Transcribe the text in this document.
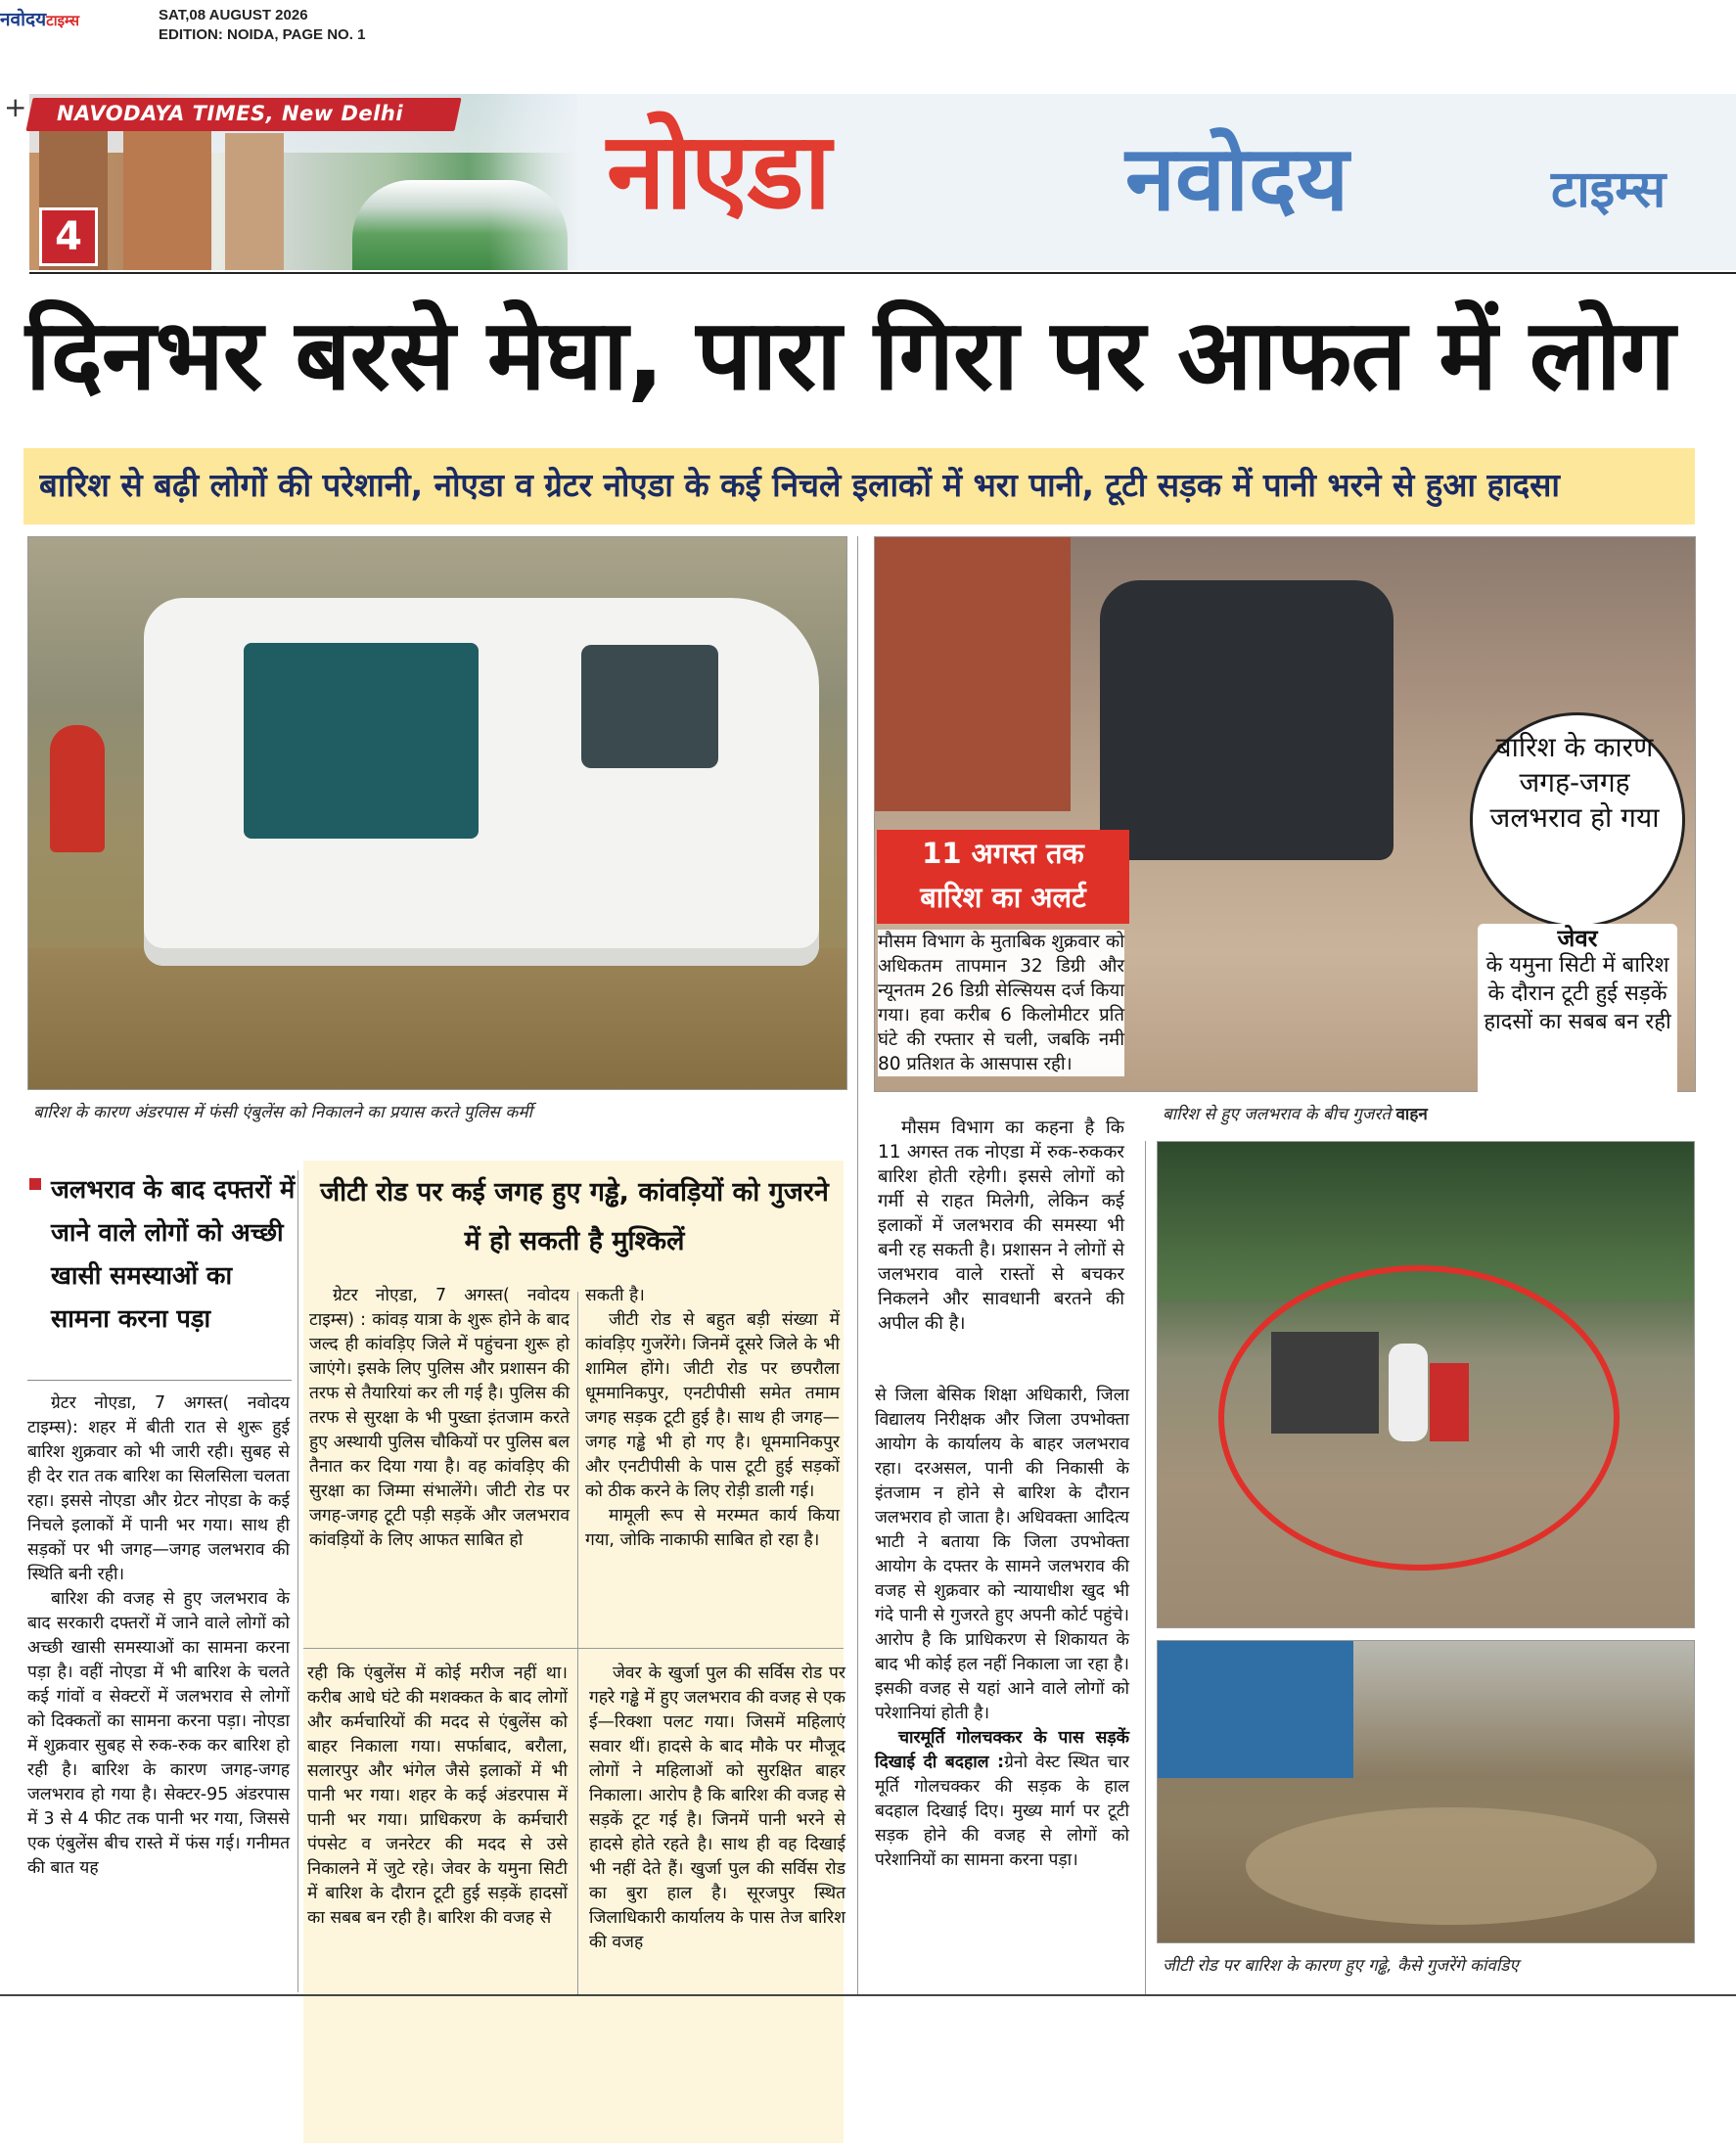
नवोदयटाइम्स	SAT,08 AUGUST 2026
EDITION: NOIDA, PAGE NO. 1
+ NAVODAYA TIMES, New Delhi
4
नोएडा	नवोदय	टाइम्स
दिनभर बरसे मेघा, पारा गिरा पर आफत में लोग
बारिश से बढ़ी लोगों की परेशानी, नोएडा व ग्रेटर नोएडा के कई निचले इलाकों में भरा पानी, टूटी सड़क में पानी भरने से हुआ हादसा
बारिश के कारण अंडरपास में फंसी एंबुलेंस को निकालने का प्रयास करते पुलिस कर्मी	बारिश से हुए जलभराव के बीच गुजरते वाहन
11 अगस्त तक
बारिश का अलर्ट
मौसम विभाग के मुताबिक शुक्रवार को अधिकतम तापमान 32 डिग्री और न्यूनतम 26 डिग्री सेल्सियस दर्ज किया गया। हवा करीब 6 किलोमीटर प्रति घंटे की रफ्तार से चली, जबकि नमी 80 प्रतिशत के आसपास रही।

मौसम विभाग का कहना है कि 11 अगस्त तक नोएडा में रुक-रुककर बारिश होती रहेगी। इससे लोगों को गर्मी से राहत मिलेगी, लेकिन कई इलाकों में जलभराव की समस्या भी बनी रह सकती है। प्रशासन ने लोगों से जलभराव वाले रास्तों से बचकर निकलने और सावधानी बरतने की अपील की है।

बारिश के कारण जगह-जगह जलभराव हो गया
जेवर
के यमुना सिटी में बारिश के दौरान टूटी हुई सड़कें हादसों का सबब बन रही
जीटी रोड पर बारिश के कारण हुए गढ्ढे, कैसे गुजरेंगे कांवडिए
जलभराव के बाद दफ्तरों में जाने वाले लोगों को अच्छी खासी समस्याओं का सामना करना पड़ा

ग्रेटर नोएडा, 7 अगस्त( नवोदय टाइम्स): शहर में बीती रात से शुरू हुई बारिश शुक्रवार को भी जारी रही। सुबह से ही देर रात तक बारिश का सिलसिला चलता रहा। इससे नोएडा और ग्रेटर नोएडा के कई निचले इलाकों में पानी भर गया। साथ ही सड़कों पर भी जगह—जगह जलभराव की स्थिति बनी रही।

बारिश की वजह से हुए जलभराव के बाद सरकारी दफ्तरों में जाने वाले लोगों को अच्छी खासी समस्याओं का सामना करना पड़ा है। वहीं नोएडा में भी बारिश के चलते कई गांवों व सेक्टरों में जलभराव से लोगों को दिक्कतों का सामना करना पड़ा। नोएडा में शुक्रवार सुबह से रुक-रुक कर बारिश हो रही है। बारिश के कारण जगह-जगह जलभराव हो गया है। सेक्टर-95 अंडरपास में 3 से 4 फीट तक पानी भर गया, जिससे एक एंबुलेंस बीच रास्ते में फंस गई। गनीमत की बात यह

जीटी रोड पर कई जगह हुए गड्ढे, कांवड़ियों को गुजरने में हो सकती है मुश्किलें

ग्रेटर नोएडा, 7 अगस्त( नवोदय टाइम्स) : कांवड़ यात्रा के शुरू होने के बाद जल्द ही कांवड़िए जिले में पहुंचना शुरू हो जाएंगे। इसके लिए पुलिस और प्रशासन की तरफ से तैयारियां कर ली गई है। पुलिस की तरफ से सुरक्षा के भी पुख्ता इंतजाम करते हुए अस्थायी पुलिस चौकियों पर पुलिस बल तैनात कर दिया गया है। वह कांवड़िए की सुरक्षा का जिम्मा संभालेंगे। जीटी रोड पर जगह-जगह टूटी पड़ी सड़कें और जलभराव कांवड़ियों के लिए आफत साबित हो

सकती है।

जीटी रोड से बहुत बड़ी संख्या में कांवड़िए गुजरेंगे। जिनमें दूसरे जिले के भी शामिल होंगे। जीटी रोड पर छपरौला धूममानिकपुर, एनटीपीसी समेत तमाम जगह सड़क टूटी हुई है। साथ ही जगह—जगह गड्ढे भी हो गए है। धूममानिकपुर और एनटीपीसी के पास टूटी हुई सड़कों को ठीक करने के लिए रोड़ी डाली गई।

मामूली रूप से मरम्मत कार्य किया गया, जोकि नाकाफी साबित हो रहा है।

रही कि एंबुलेंस में कोई मरीज नहीं था। करीब आधे घंटे की मशक्कत के बाद लोगों और कर्मचारियों की मदद से एंबुलेंस को बाहर निकाला गया। सर्फाबाद, बरौला, सलारपुर और भंगेल जैसे इलाकों में भी पानी भर गया। शहर के कई अंडरपास में पानी भर गया। प्राधिकरण के कर्मचारी पंपसेट व जनरेटर की मदद से उसे निकालने में जुटे रहे। जेवर के यमुना सिटी में बारिश के दौरान टूटी हुई सड़कें हादसों का सबब बन रही है। बारिश की वजह से

जेवर के खुर्जा पुल की सर्विस रोड पर गहरे गड्ढे में हुए जलभराव की वजह से एक ई—रिक्शा पलट गया। जिसमें महिलाएं सवार थीं। हादसे के बाद मौके पर मौजूद लोगों ने महिलाओं को सुरक्षित बाहर निकाला। आरोप है कि बारिश की वजह से सड़कें टूट गई है। जिनमें पानी भरने से हादसे होते रहते है। साथ ही वह दिखाई भी नहीं देते हैं। खुर्जा पुल की सर्विस रोड का बुरा हाल है। सूरजपुर स्थित जिलाधिकारी कार्यालय के पास तेज बारिश की वजह

से जिला बेसिक शिक्षा अधिकारी, जिला विद्यालय निरीक्षक और जिला उपभोक्ता आयोग के कार्यालय के बाहर जलभराव रहा। दरअसल, पानी की निकासी के इंतजाम न होने से बारिश के दौरान जलभराव हो जाता है। अधिवक्ता आदित्य भाटी ने बताया कि जिला उपभोक्ता आयोग के दफ्तर के सामने जलभराव की वजह से शुक्रवार को न्यायाधीश खुद भी गंदे पानी से गुजरते हुए अपनी कोर्ट पहुंचे। आरोप है कि प्राधिकरण से शिकायत के बाद भी कोई हल नहीं निकाला जा रहा है। इसकी वजह से यहां आने वाले लोगों को परेशानियां होती है।

चारमूर्ति गोलचक्कर के पास सड़कें दिखाई दी बदहाल :ग्रेनो वेस्ट स्थित चार मूर्ति गोलचक्कर की सड़क के हाल बदहाल दिखाई दिए। मुख्य मार्ग पर टूटी सड़क होने की वजह से लोगों को परेशानियों का सामना करना पड़ा।
